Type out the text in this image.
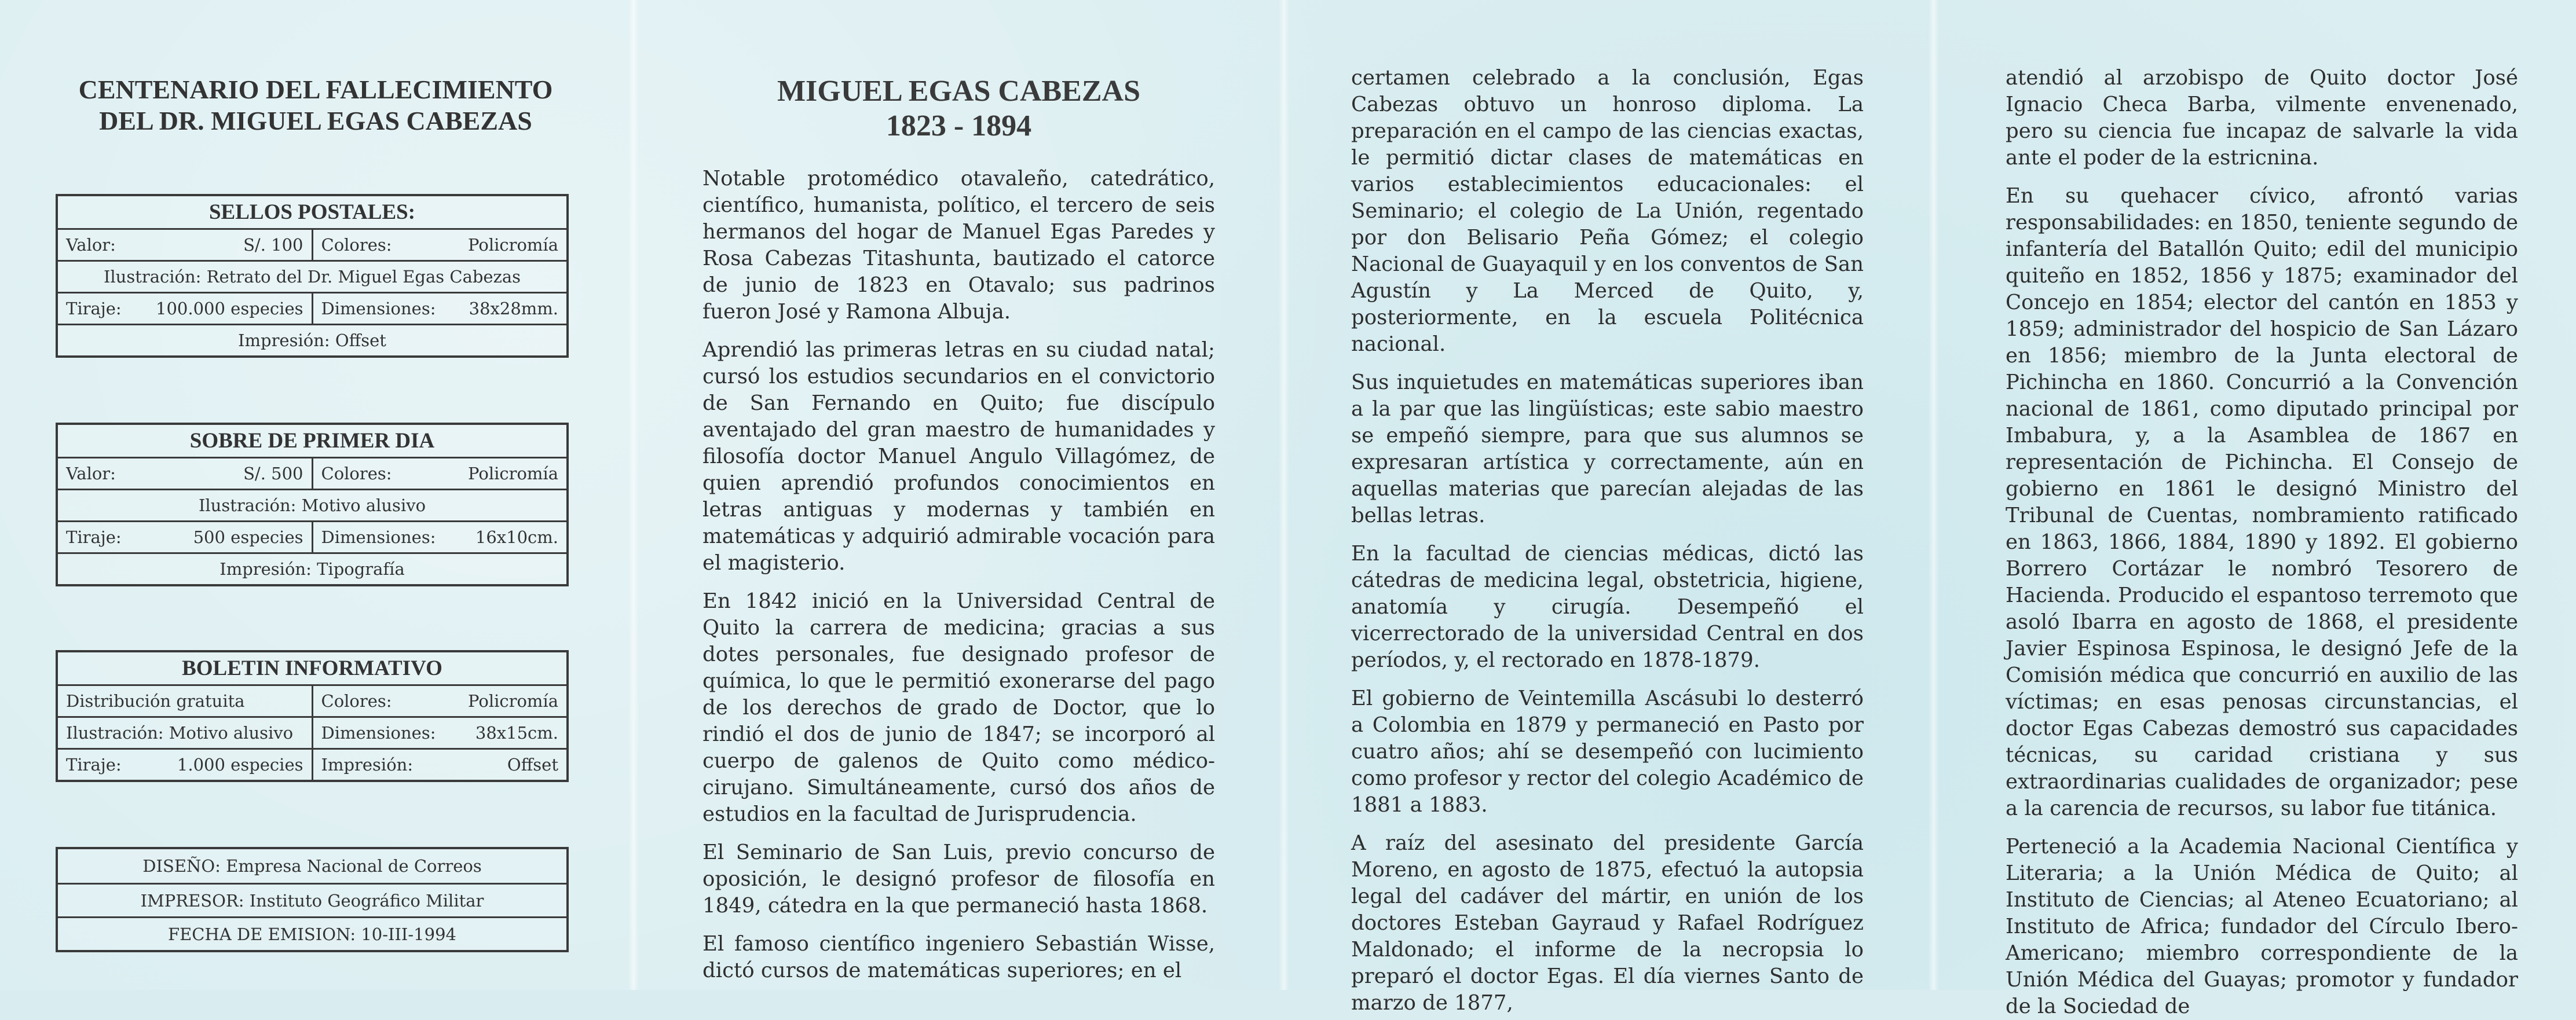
CENTENARIO DEL FALLECIMIENTO
DEL DR. MIGUEL EGAS CABEZAS
SELLOS POSTALES:
Valor:	S/. 100 Colores:	Policromía
Ilustración: Retrato del Dr. Miguel Egas Cabezas
Tiraje: 100.000 especies Dimensiones: 38x28mm.
Impresión: Offset
SOBRE DE PRIMER DIA
Valor:	S/. 500 Colores:	Policromía
Ilustración: Motivo alusivo
Tiraje:	500 especies Dimensiones: 16x10cm.
Impresión: Tipografía
BOLETIN INFORMATIVO
Distribución gratuita	Colores:	Policromía
Ilustración: Motivo alusivo	Dimensiones: 38x15cm.
Tiraje:	1.000 especies Impresión:	Offset
DISEÑO: Empresa Nacional de Correos
IMPRESOR: Instituto Geográfico Militar
FECHA DE EMISION: 10-III-1994
MIGUEL EGAS CABEZAS
1823 - 1894

Notable protomédico otavaleño, catedrático, científico, humanista, político, el tercero de seis hermanos del hogar de Manuel Egas Paredes y Rosa Cabezas Titashunta, bautizado el catorce de junio de 1823 en Otavalo; sus padrinos fueron José y Ramona Albuja.

Aprendió las primeras letras en su ciudad natal; cursó los estudios secundarios en el convictorio de San Fernando en Quito; fue discípulo aventajado del gran maestro de humanidades y filosofía doctor Manuel Angulo Villagómez, de quien aprendió profundos conocimientos en letras antiguas y modernas y también en matemáticas y adquirió admirable vocación para el magisterio.

En 1842 inició en la Universidad Central de Quito la carrera de medicina; gracias a sus dotes personales, fue designado profesor de química, lo que le permitió exonerarse del pago de los derechos de grado de Doctor, que lo rindió el dos de junio de 1847; se incorporó al cuerpo de galenos de Quito como médico-cirujano. Simultáneamente, cursó dos años de estudios en la facultad de Jurisprudencia.

El Seminario de San Luis, previo concurso de oposición, le designó profesor de filosofía en 1849, cátedra en la que permaneció hasta 1868.

El famoso científico ingeniero Sebastián Wisse, dictó cursos de matemáticas superiores; en el

certamen celebrado a la conclusión, Egas Cabezas obtuvo un honroso diploma. La preparación en el campo de las ciencias exactas, le permitió dictar clases de matemáticas en varios establecimientos educacionales: el Seminario; el colegio de La Unión, regentado por don Belisario Peña Gómez; el colegio Nacional de Guayaquil y en los conventos de San Agustín y La Merced de Quito, y, posteriormente, en la escuela Politécnica nacional.

Sus inquietudes en matemáticas superiores iban a la par que las lingüísticas; este sabio maestro se empeñó siempre, para que sus alumnos se expresaran artística y correctamente, aún en aquellas materias que parecían alejadas de las bellas letras.

En la facultad de ciencias médicas, dictó las cátedras de medicina legal, obstetricia, higiene, anatomía y cirugía. Desempeñó el vicerrectorado de la universidad Central en dos períodos, y, el rectorado en 1878-1879.

El gobierno de Veintemilla Ascásubi lo desterró a Colombia en 1879 y permaneció en Pasto por cuatro años; ahí se desempeñó con lucimiento como profesor y rector del colegio Académico de 1881 a 1883.

A raíz del asesinato del presidente García Moreno, en agosto de 1875, efectuó la autopsia legal del cadáver del mártir, en unión de los doctores Esteban Gayraud y Rafael Rodríguez Maldonado; el informe de la necropsia lo preparó el doctor Egas. El día viernes Santo de marzo de 1877,

atendió al arzobispo de Quito doctor José Ignacio Checa Barba, vilmente envenenado, pero su ciencia fue incapaz de salvarle la vida ante el poder de la estricnina.

En su quehacer cívico, afrontó varias responsabilidades: en 1850, teniente segundo de infantería del Batallón Quito; edil del municipio quiteño en 1852, 1856 y 1875; examinador del Concejo en 1854; elector del cantón en 1853 y 1859; administrador del hospicio de San Lázaro en 1856; miembro de la Junta electoral de Pichincha en 1860. Concurrió a la Convención nacional de 1861, como diputado principal por Imbabura, y, a la Asamblea de 1867 en representación de Pichincha. El Consejo de gobierno en 1861 le designó Ministro del Tribunal de Cuentas, nombramiento ratificado en 1863, 1866, 1884, 1890 y 1892. El gobierno Borrero Cortázar le nombró Tesorero de Hacienda. Producido el espantoso terremoto que asoló Ibarra en agosto de 1868, el presidente Javier Espinosa Espinosa, le designó Jefe de la Comisión médica que concurrió en auxilio de las víctimas; en esas penosas circunstancias, el doctor Egas Cabezas demostró sus capacidades técnicas, su caridad cristiana y sus extraordinarias cualidades de organizador; pese a la carencia de recursos, su labor fue titánica.

Perteneció a la Academia Nacional Científica y Literaria; a la Unión Médica de Quito; al Instituto de Ciencias; al Ateneo Ecuatoriano; al Instituto de Africa; fundador del Círculo Ibero-Americano; miembro correspondiente de la Unión Médica del Guayas; promotor y fundador de la Sociedad de
